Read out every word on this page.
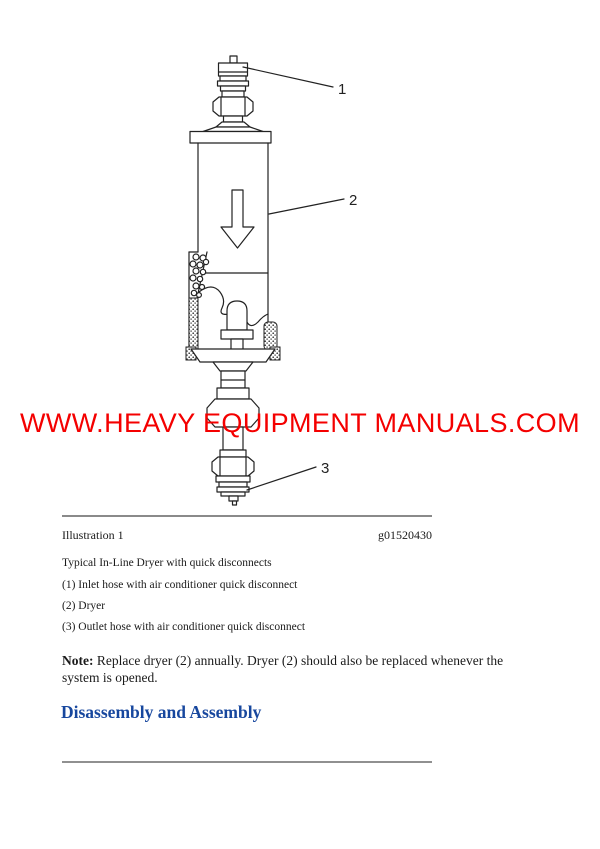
1
2
3
WWW.HEAVY EQUIPMENT MANUALS.COM
Illustration 1	g01520430
Typical In-Line Dryer with quick disconnects
(1) Inlet hose with air conditioner quick disconnect
(2) Dryer
(3) Outlet hose with air conditioner quick disconnect

Note: Replace dryer (2) annually. Dryer (2) should also be replaced whenever the system is opened.

Disassembly and Assembly
